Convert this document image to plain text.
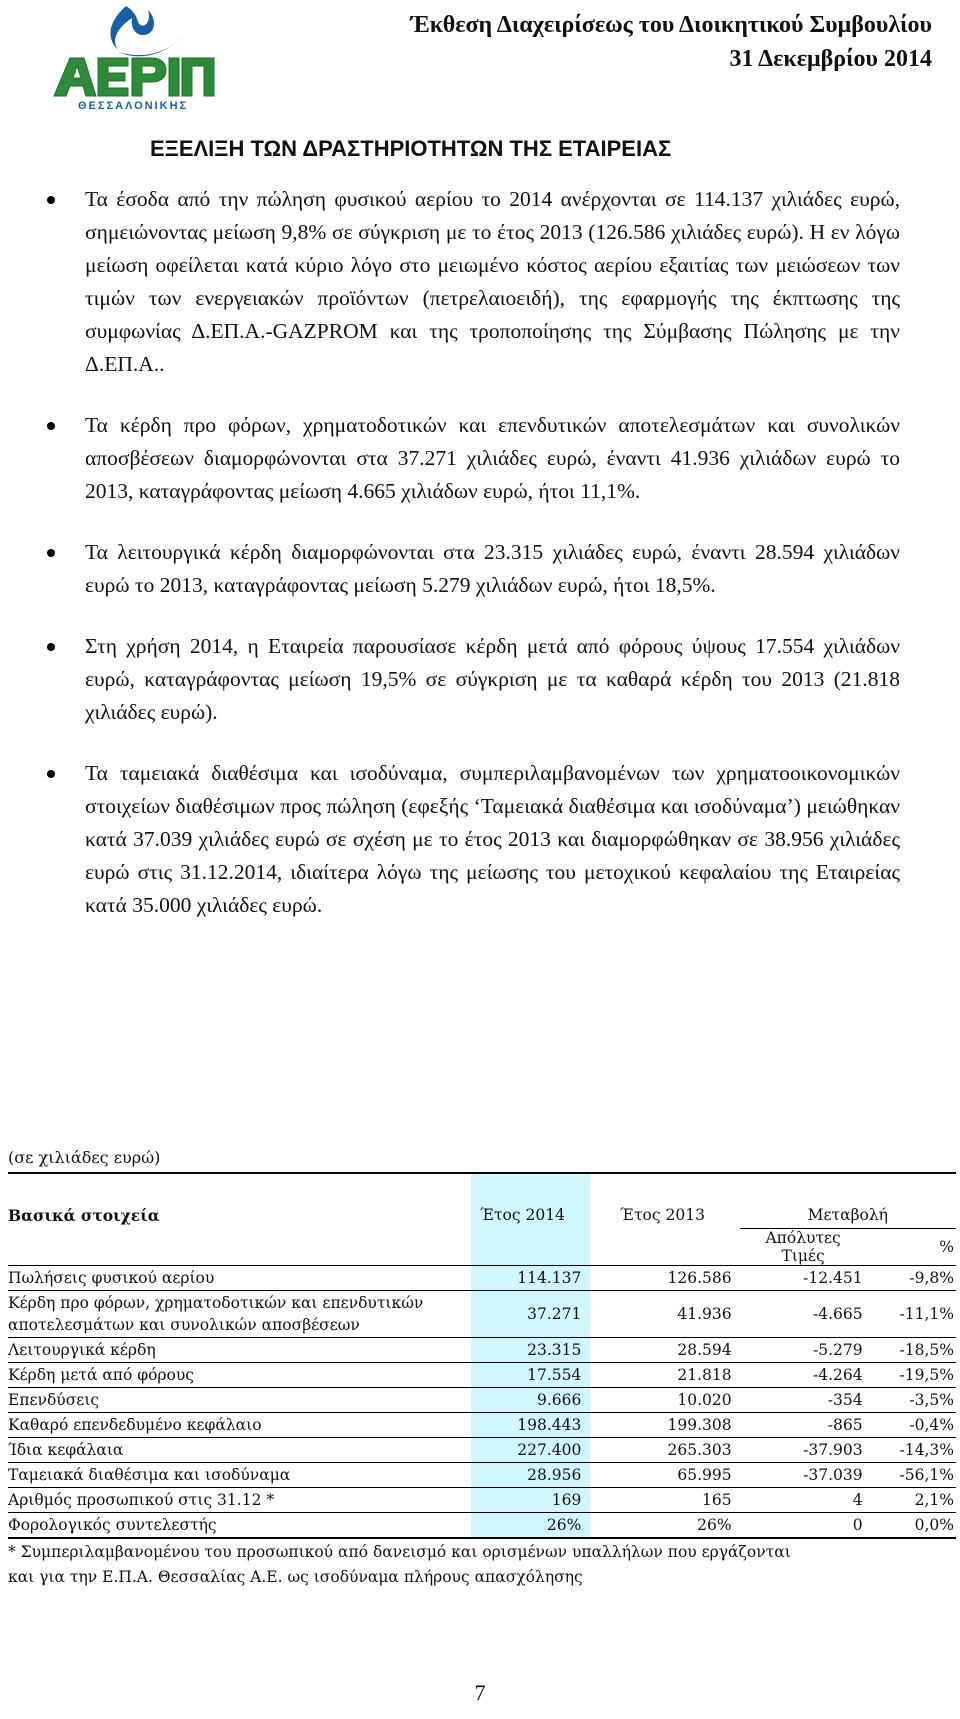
ΘΕΣΣΑΛΟΝΙΚΗΣ
Έκθεση Διαχειρίσεως του Διοικητικού Συμβουλίου
31 Δεκεμβρίου 2014
ΕΞΕΛΙΞΗ ΤΩΝ ΔΡΑΣΤΗΡΙΟΤΗΤΩΝ ΤΗΣ ΕΤΑΙΡΕΙΑΣ
Τα έσοδα από την πώληση φυσικού αερίου το 2014 ανέρχονται σε 114.137 χιλιάδες ευρώ, σημειώνοντας μείωση 9,8% σε σύγκριση με το έτος 2013 (126.586 χιλιάδες ευρώ). Η εν λόγω μείωση οφείλεται κατά κύριο λόγο στο μειωμένο κόστος αερίου εξαιτίας των μειώσεων των τιμών των ενεργειακών προϊόντων (πετρελαιοειδή), της εφαρμογής της έκπτωσης της συμφωνίας Δ.ΕΠ.Α.-GAZPROM και της τροποποίησης της Σύμβασης Πώλησης με την Δ.ΕΠ.Α..
Τα κέρδη προ φόρων, χρηματοδοτικών και επενδυτικών αποτελεσμάτων και συνολικών αποσβέσεων διαμορφώνονται στα 37.271 χιλιάδες ευρώ, έναντι 41.936 χιλιάδων ευρώ το 2013, καταγράφοντας μείωση 4.665 χιλιάδων ευρώ, ήτοι 11,1%.
Τα λειτουργικά κέρδη διαμορφώνονται στα 23.315 χιλιάδες ευρώ, έναντι 28.594 χιλιάδων ευρώ το 2013, καταγράφοντας μείωση 5.279 χιλιάδων ευρώ, ήτοι 18,5%.
Στη χρήση 2014, η Εταιρεία παρουσίασε κέρδη μετά από φόρους ύψους 17.554 χιλιάδων ευρώ, καταγράφοντας μείωση 19,5% σε σύγκριση με τα καθαρά κέρδη του 2013 (21.818 χιλιάδες ευρώ).
Τα ταμειακά διαθέσιμα και ισοδύναμα, συμπεριλαμβανομένων των χρηματοοικονομικών στοιχείων διαθέσιμων προς πώληση (εφεξής ‘Ταμειακά διαθέσιμα και ισοδύναμα’) μειώθηκαν κατά 37.039 χιλιάδες ευρώ σε σχέση με το έτος 2013 και διαμορφώθηκαν σε 38.956 χιλιάδες ευρώ στις 31.12.2014, ιδιαίτερα λόγω της μείωσης του μετοχικού κεφαλαίου της Εταιρείας κατά 35.000 χιλιάδες ευρώ.
(σε χιλιάδες ευρώ)
Βασικά στοιχεία	Έτος 2014	Έτος 2013	Μεταβολή	
			Απόλυτες Τιμές	%
Πωλήσεις φυσικού αερίου	114.137	126.586	-12.451	-9,8%
Κέρδη προ φόρων, χρηματοδοτικών και επενδυτικών αποτελεσμάτων και συνολικών αποσβέσεων	37.271	41.936	-4.665	-11,1%
Λειτουργικά κέρδη	23.315	28.594	-5.279	-18,5%
Κέρδη μετά από φόρους	17.554	21.818	-4.264	-19,5%
Επενδύσεις	9.666	10.020	-354	-3,5%
Καθαρό επενδεδυμένο κεφάλαιο	198.443	199.308	-865	-0,4%
Ίδια κεφάλαια	227.400	265.303	-37.903	-14,3%
Ταμειακά διαθέσιμα και ισοδύναμα	28.956	65.995	-37.039	-56,1%
Αριθμός προσωπικού στις 31.12 *	169	165	4	2,1%
Φορολογικός συντελεστής	26%	26%	0	0,0%
* Συμπεριλαμβανομένου του προσωπικού από δανεισμό και ορισμένων υπαλλήλων που εργάζονται
και για την Ε.Π.Α. Θεσσαλίας Α.Ε. ως ισοδύναμα πλήρους απασχόλησης
7
